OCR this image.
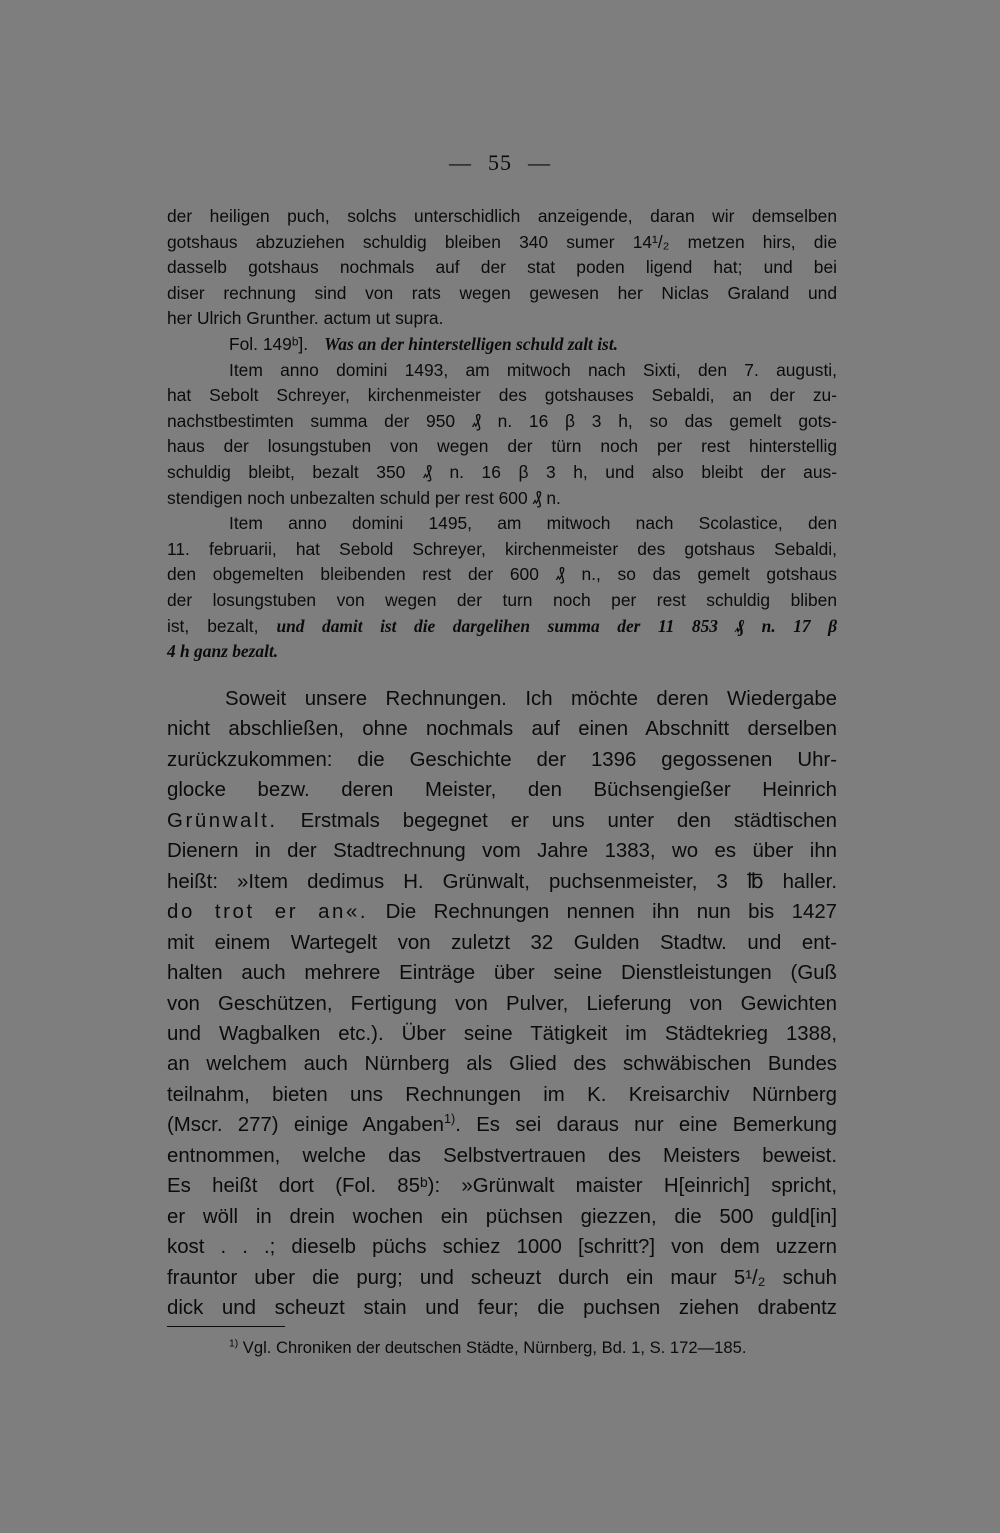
— 55 —
der heiligen puch, solchs unterschidlich anzeigende, daran wir demselben
gotshaus abzuziehen schuldig bleiben 340 sumer 14¹/₂ metzen hirs, die
dasselb gotshaus nochmals auf der stat poden ligend hat; und bei
diser rechnung sind von rats wegen gewesen her Niclas Graland und
her Ulrich Grunther. actum ut supra.
Fol. 149ᵇ]. Was an der hinterstelligen schuld zalt ist.
Item anno domini 1493, am mitwoch nach Sixti, den 7. augusti,
hat Sebolt Schreyer, kirchenmeister des gotshauses Sebaldi, an der zu-
nachstbestimten summa der 950 ₰ n. 16 β 3 h, so das gemelt gots-
haus der losungstuben von wegen der türn noch per rest hinterstellig
schuldig bleibt, bezalt 350 ₰ n. 16 β 3 h, und also bleibt der aus-
stendigen noch unbezalten schuld per rest 600 ₰ n.
Item anno domini 1495, am mitwoch nach Scolastice, den
11. februarii, hat Sebold Schreyer, kirchenmeister des gotshaus Sebaldi,
den obgemelten bleibenden rest der 600 ₰ n., so das gemelt gotshaus
der losungstuben von wegen der turn noch per rest schuldig bliben
ist, bezalt, und damit ist die dargelihen summa der 11 853 ₰ n. 17 β
4 h ganz bezalt.
Soweit unsere Rechnungen. Ich möchte deren Wiedergabe
nicht abschließen, ohne nochmals auf einen Abschnitt derselben
zurückzukommen: die Geschichte der 1396 gegossenen Uhr-
glocke bezw. deren Meister, den Büchsengießer Heinrich
Grünwalt. Erstmals begegnet er uns unter den städtischen
Dienern in der Stadtrechnung vom Jahre 1383, wo es über ihn
heißt: »Item dedimus H. Grünwalt, puchsenmeister, 3 ℔ haller.
do trot er an«. Die Rechnungen nennen ihn nun bis 1427
mit einem Wartegelt von zuletzt 32 Gulden Stadtw. und ent-
halten auch mehrere Einträge über seine Dienstleistungen (Guß
von Geschützen, Fertigung von Pulver, Lieferung von Gewichten
und Wagbalken etc.). Über seine Tätigkeit im Städtekrieg 1388,
an welchem auch Nürnberg als Glied des schwäbischen Bundes
teilnahm, bieten uns Rechnungen im K. Kreisarchiv Nürnberg
(Mscr. 277) einige Angaben$^{1)}$. Es sei daraus nur eine Bemerkung
entnommen, welche das Selbstvertrauen des Meisters beweist.
Es heißt dort (Fol. 85ᵇ): »Grünwalt maister H[einrich] spricht,
er wöll in drein wochen ein püchsen giezzen, die 500 guld[in]
kost . . .; dieselb püchs schiez 1000 [schritt?] von dem uzzern
frauntor uber die purg; und scheuzt durch ein maur 5¹/₂ schuh
dick und scheuzt stain und feur; die puchsen ziehen drabentz
$^{1)}$ Vgl. Chroniken der deutschen Städte, Nürnberg, Bd. 1, S. 172—185.
